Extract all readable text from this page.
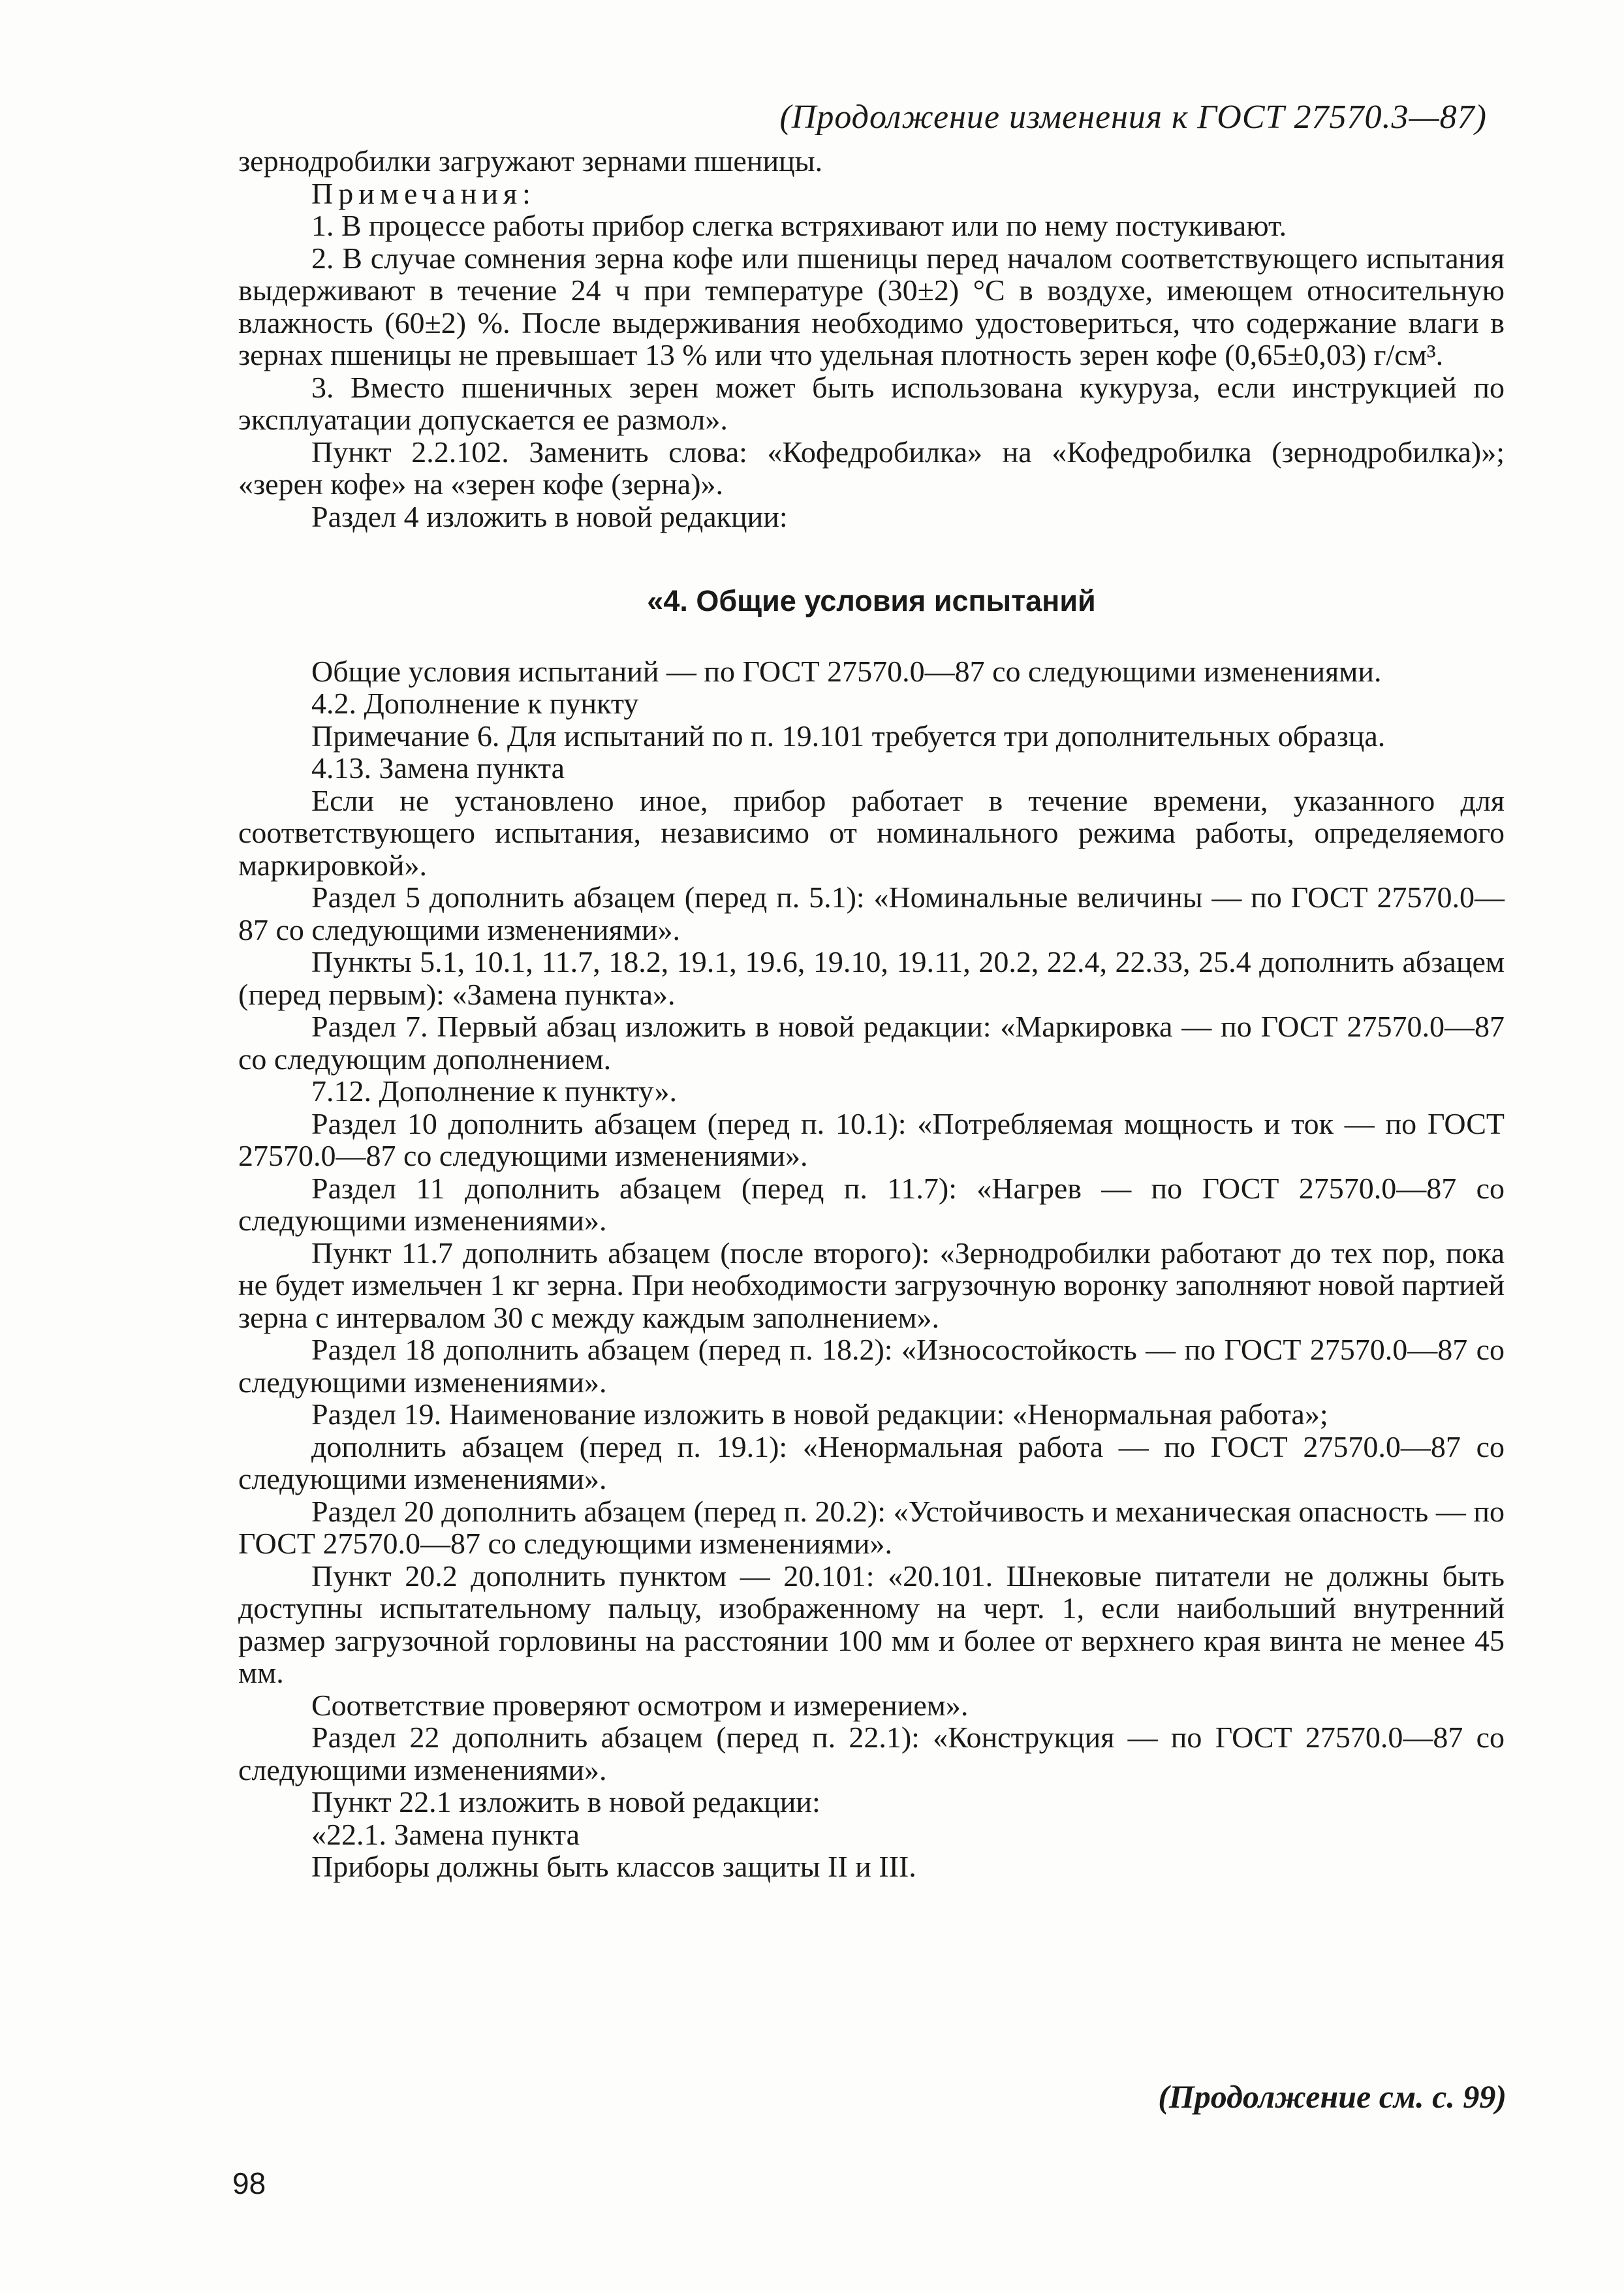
(Продолжение изменения к ГОСТ 27570.3—87)

зернодробилки загружают зернами пшеницы.

Примечания:

1. В процессе работы прибор слегка встряхивают или по нему постукивают.

2. В случае сомнения зерна кофе или пшеницы перед началом соответствующего испытания выдерживают в течение 24 ч при температуре (30±2) °С в воздухе, имеющем относительную влажность (60±2) %. После выдерживания необходимо удостовериться, что содержание влаги в зернах пшеницы не превышает 13 % или что удельная плотность зерен кофе (0,65±0,03) г/см³.

3. Вместо пшеничных зерен может быть использована кукуруза, если инструкцией по эксплуатации допускается ее размол».

Пункт 2.2.102. Заменить слова: «Кофедробилка» на «Кофедробилка (зернодробилка)»; «зерен кофе» на «зерен кофе (зерна)».

Раздел 4 изложить в новой редакции:

«4. Общие условия испытаний

Общие условия испытаний — по ГОСТ 27570.0—87 со следующими изменениями.

4.2. Дополнение к пункту

Примечание 6. Для испытаний по п. 19.101 требуется три дополнительных образца.

4.13. Замена пункта

Если не установлено иное, прибор работает в течение времени, указанного для соответствующего испытания, независимо от номинального режима работы, определяемого маркировкой».

Раздел 5 дополнить абзацем (перед п. 5.1): «Номинальные величины — по ГОСТ 27570.0—87 со следующими изменениями».

Пункты 5.1, 10.1, 11.7, 18.2, 19.1, 19.6, 19.10, 19.11, 20.2, 22.4, 22.33, 25.4 дополнить абзацем (перед первым): «Замена пункта».

Раздел 7. Первый абзац изложить в новой редакции: «Маркировка — по ГОСТ 27570.0—87 со следующим дополнением.

7.12. Дополнение к пункту».

Раздел 10 дополнить абзацем (перед п. 10.1): «Потребляемая мощность и ток — по ГОСТ 27570.0—87 со следующими изменениями».

Раздел 11 дополнить абзацем (перед п. 11.7): «Нагрев — по ГОСТ 27570.0—87 со следующими изменениями».

Пункт 11.7 дополнить абзацем (после второго): «Зернодробилки работают до тех пор, пока не будет измельчен 1 кг зерна. При необходимости загрузочную воронку заполняют новой партией зерна с интервалом 30 с между каждым заполнением».

Раздел 18 дополнить абзацем (перед п. 18.2): «Износостойкость — по ГОСТ 27570.0—87 со следующими изменениями».

Раздел 19. Наименование изложить в новой редакции: «Ненормальная работа»;

дополнить абзацем (перед п. 19.1): «Ненормальная работа — по ГОСТ 27570.0—87 со следующими изменениями».

Раздел 20 дополнить абзацем (перед п. 20.2): «Устойчивость и механическая опасность — по ГОСТ 27570.0—87 со следующими изменениями».

Пункт 20.2 дополнить пунктом — 20.101: «20.101. Шнековые питатели не должны быть доступны испытательному пальцу, изображенному на черт. 1, если наибольший внутренний размер загрузочной горловины на расстоянии 100 мм и более от верхнего края винта не менее 45 мм.

Соответствие проверяют осмотром и измерением».

Раздел 22 дополнить абзацем (перед п. 22.1): «Конструкция — по ГОСТ 27570.0—87 со следующими изменениями».

Пункт 22.1 изложить в новой редакции:

«22.1. Замена пункта

Приборы должны быть классов защиты II и III.

(Продолжение см. с. 99)
98
